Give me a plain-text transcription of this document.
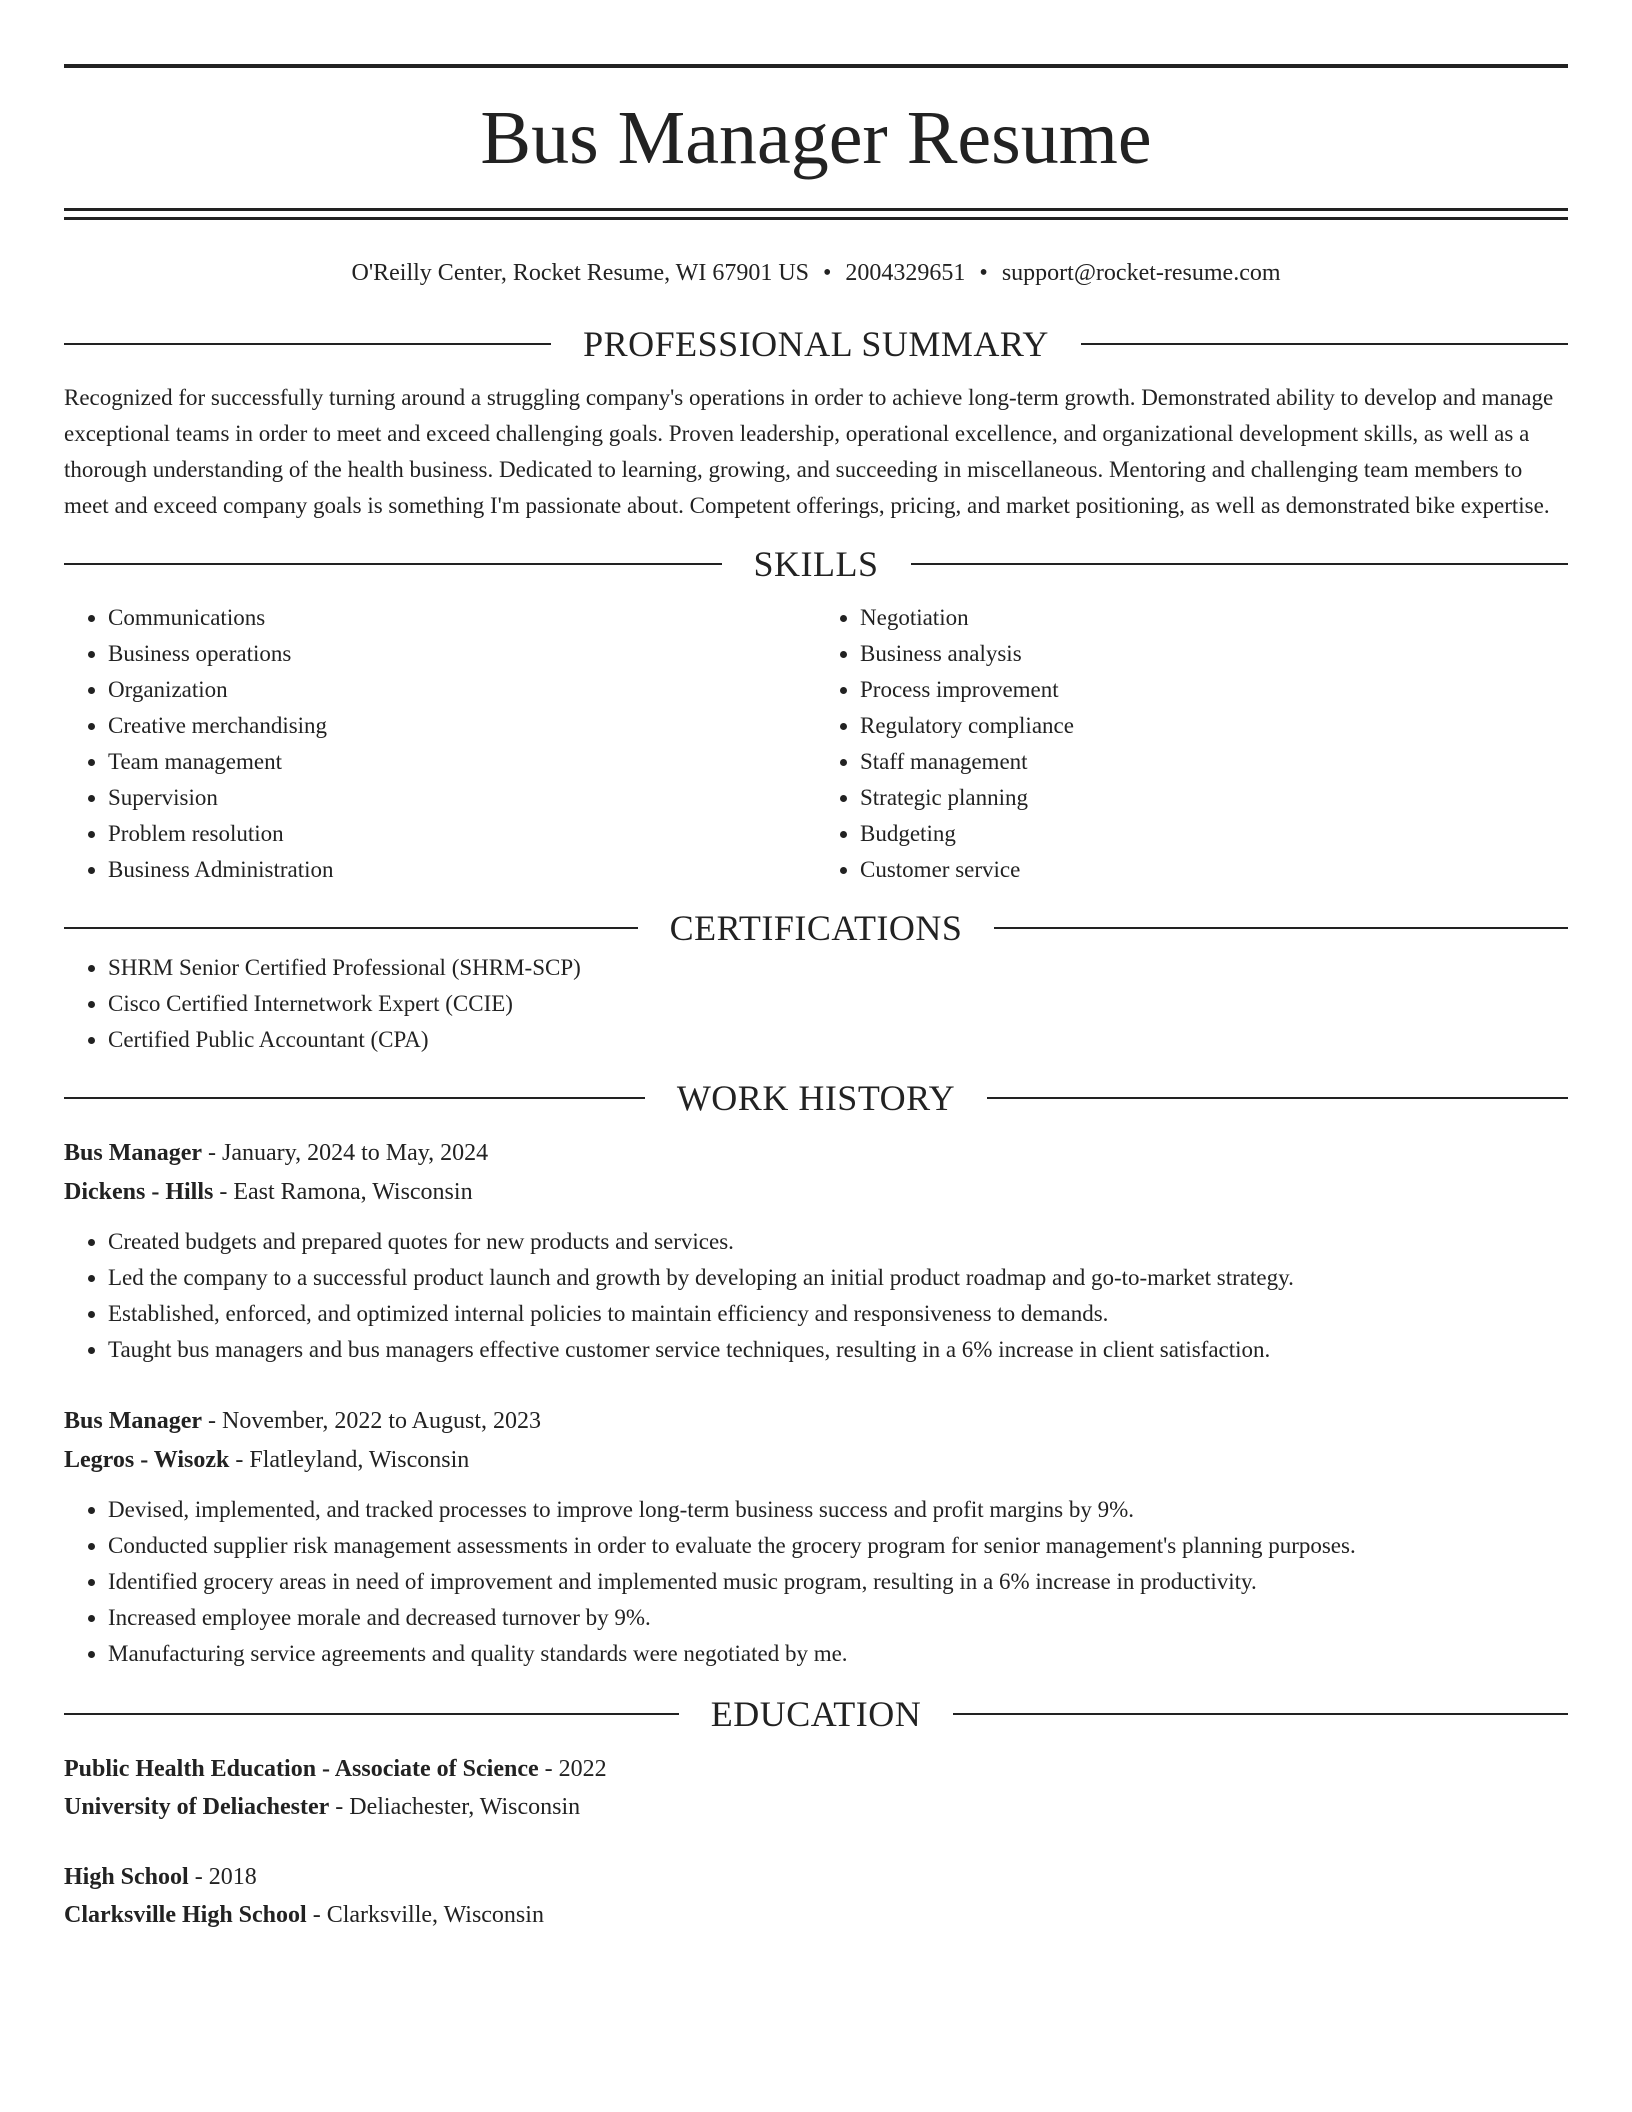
Bus Manager Resume
O'Reilly Center, Rocket Resume, WI 67901 US • 2004329651 • support@rocket-resume.com
PROFESSIONAL SUMMARY

Recognized for successfully turning around a struggling company's operations in order to achieve long-term growth. Demonstrated ability to develop and manage exceptional teams in order to meet and exceed challenging goals. Proven leadership, operational excellence, and organizational development skills, as well as a thorough understanding of the health business. Dedicated to learning, growing, and succeeding in miscellaneous. Mentoring and challenging team members to meet and exceed company goals is something I'm passionate about. Competent offerings, pricing, and market positioning, as well as demonstrated bike expertise.

SKILLS
• Communications
• Business operations
• Organization
• Creative merchandising
• Team management
• Supervision
• Problem resolution
• Business Administration
• Negotiation
• Business analysis
• Process improvement
• Regulatory compliance
• Staff management
• Strategic planning
• Budgeting
• Customer service
CERTIFICATIONS
• SHRM Senior Certified Professional (SHRM-SCP)
• Cisco Certified Internetwork Expert (CCIE)
• Certified Public Accountant (CPA)
WORK HISTORY
Bus Manager - January, 2024 to May, 2024
Dickens - Hills - East Ramona, Wisconsin
• Created budgets and prepared quotes for new products and services.
• Led the company to a successful product launch and growth by developing an initial product roadmap and go-to-market strategy.
• Established, enforced, and optimized internal policies to maintain efficiency and responsiveness to demands.
• Taught bus managers and bus managers effective customer service techniques, resulting in a 6% increase in client satisfaction.
Bus Manager - November, 2022 to August, 2023
Legros - Wisozk - Flatleyland, Wisconsin
• Devised, implemented, and tracked processes to improve long-term business success and profit margins by 9%.
• Conducted supplier risk management assessments in order to evaluate the grocery program for senior management's planning purposes.
• Identified grocery areas in need of improvement and implemented music program, resulting in a 6% increase in productivity.
• Increased employee morale and decreased turnover by 9%.
• Manufacturing service agreements and quality standards were negotiated by me.
EDUCATION
Public Health Education - Associate of Science - 2022
University of Deliachester - Deliachester, Wisconsin
High School - 2018
Clarksville High School - Clarksville, Wisconsin
